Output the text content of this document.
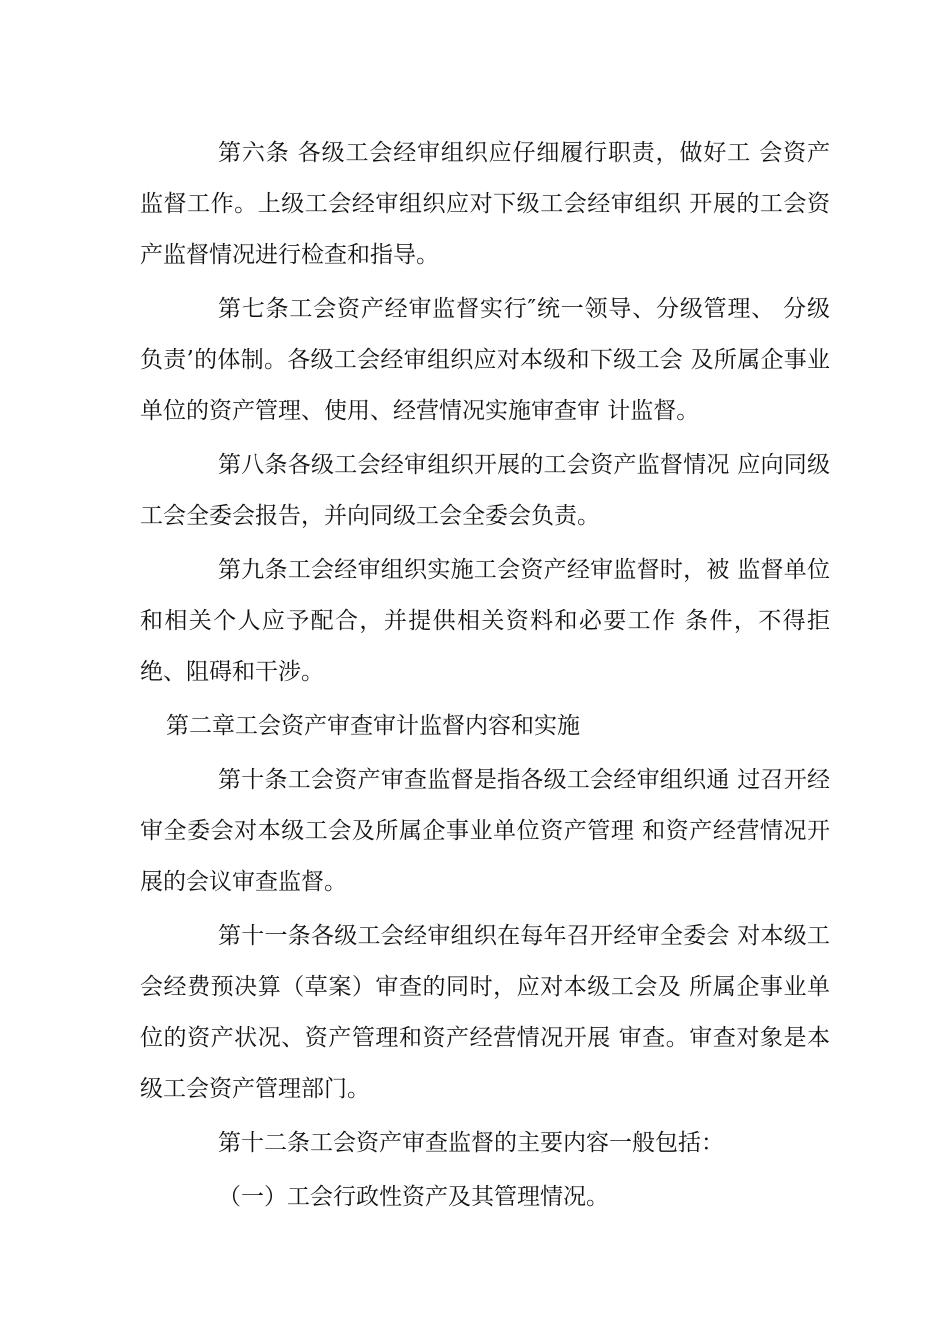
第六条 各级工会经审组织应仔细履行职责，做好工 会资产监督工作。上级工会经审组织应对下级工会经审组织 开展的工会资产监督情况进行检查和指导。

第七条工会资产经审监督实行″统一领导、分级管理、 分级负责’的体制。各级工会经审组织应对本级和下级工会 及所属企事业单位的资产管理、使用、经营情况实施审查审 计监督。

第八条各级工会经审组织开展的工会资产监督情况 应向同级工会全委会报告，并向同级工会全委会负责。

第九条工会经审组织实施工会资产经审监督时，被 监督单位和相关个人应予配合，并提供相关资料和必要工作 条件，不得拒绝、阻碍和干涉。

第二章工会资产审查审计监督内容和实施

第十条工会资产审查监督是指各级工会经审组织通 过召开经审全委会对本级工会及所属企事业单位资产管理 和资产经营情况开展的会议审查监督。

第十一条各级工会经审组织在每年召开经审全委会 对本级工会经费预决算（草案）审查的同时，应对本级工会及 所属企事业单位的资产状况、资产管理和资产经营情况开展 审查。审查对象是本级工会资产管理部门。

第十二条工会资产审查监督的主要内容一般包括：

（一）工会行政性资产及其管理情况。
